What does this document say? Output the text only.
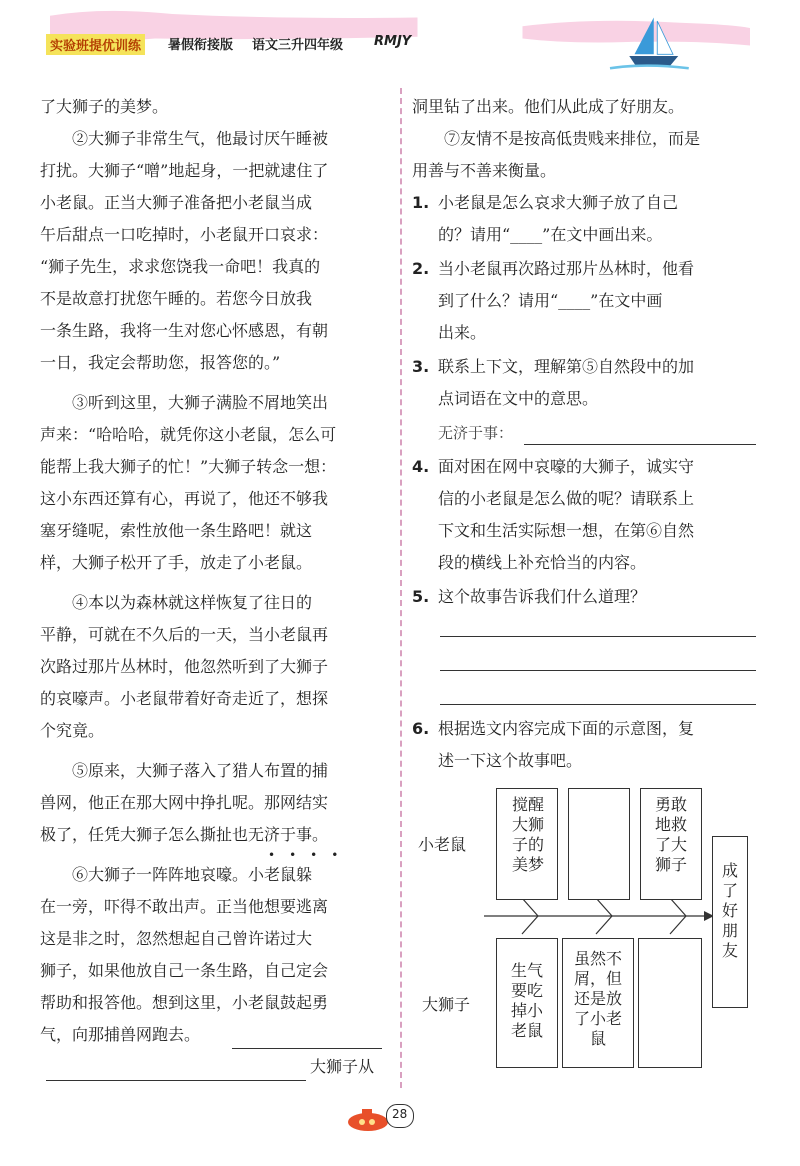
实验班提优训练	暑假衔接版 语文三升四年级 RMJY
了大狮子的美梦。
②大狮子非常生气，他最讨厌午睡被
打扰。大狮子“噌”地起身，一把就逮住了
小老鼠。正当大狮子准备把小老鼠当成
午后甜点一口吃掉时，小老鼠开口哀求：
“狮子先生，求求您饶我一命吧！我真的
不是故意打扰您午睡的。若您今日放我
一条生路，我将一生对您心怀感恩，有朝
一日，我定会帮助您，报答您的。”
③听到这里，大狮子满脸不屑地笑出
声来：“哈哈哈，就凭你这小老鼠，怎么可
能帮上我大狮子的忙！”大狮子转念一想：
这小东西还算有心，再说了，他还不够我
塞牙缝呢，索性放他一条生路吧！就这
样，大狮子松开了手，放走了小老鼠。
④本以为森林就这样恢复了往日的
平静，可就在不久后的一天，当小老鼠再
次路过那片丛林时，他忽然听到了大狮子
的哀嚎声。小老鼠带着好奇走近了，想探
个究竟。
⑤原来，大狮子落入了猎人布置的捕
兽网，他正在那大网中挣扎呢。那网结实
极了，任凭大狮子怎么撕扯也无济于事。
••••
⑥大狮子一阵阵地哀嚎。小老鼠躲
在一旁，吓得不敢出声。正当他想要逃离
这是非之时，忽然想起自己曾许诺过大
狮子，如果他放自己一条生路，自己定会
帮助和报答他。想到这里，小老鼠鼓起勇
气，向那捕兽网跑去。
大狮子从
洞里钻了出来。他们从此成了好朋友。
⑦友情不是按高低贵贱来排位，而是
用善与不善来衡量。
1. 小老鼠是怎么哀求大狮子放了自己
的？请用“____”在文中画出来。
2. 当小老鼠再次路过那片丛林时，他看
到了什么？请用“____”在文中画
出来。
3. 联系上下文，理解第⑤自然段中的加
点词语在文中的意思。
无济于事：
4. 面对困在网中哀嚎的大狮子，诚实守
信的小老鼠是怎么做的呢？请联系上
下文和生活实际想一想，在第⑥自然
段的横线上补充恰当的内容。
5. 这个故事告诉我们什么道理？
6. 根据选文内容完成下面的示意图，复
述一下这个故事吧。
小老鼠
大狮子
搅醒大狮子的美梦
勇敢地救了大狮子
生气要吃掉小老鼠
虽然不屑，但还是放了小老鼠
成了好朋友
28
